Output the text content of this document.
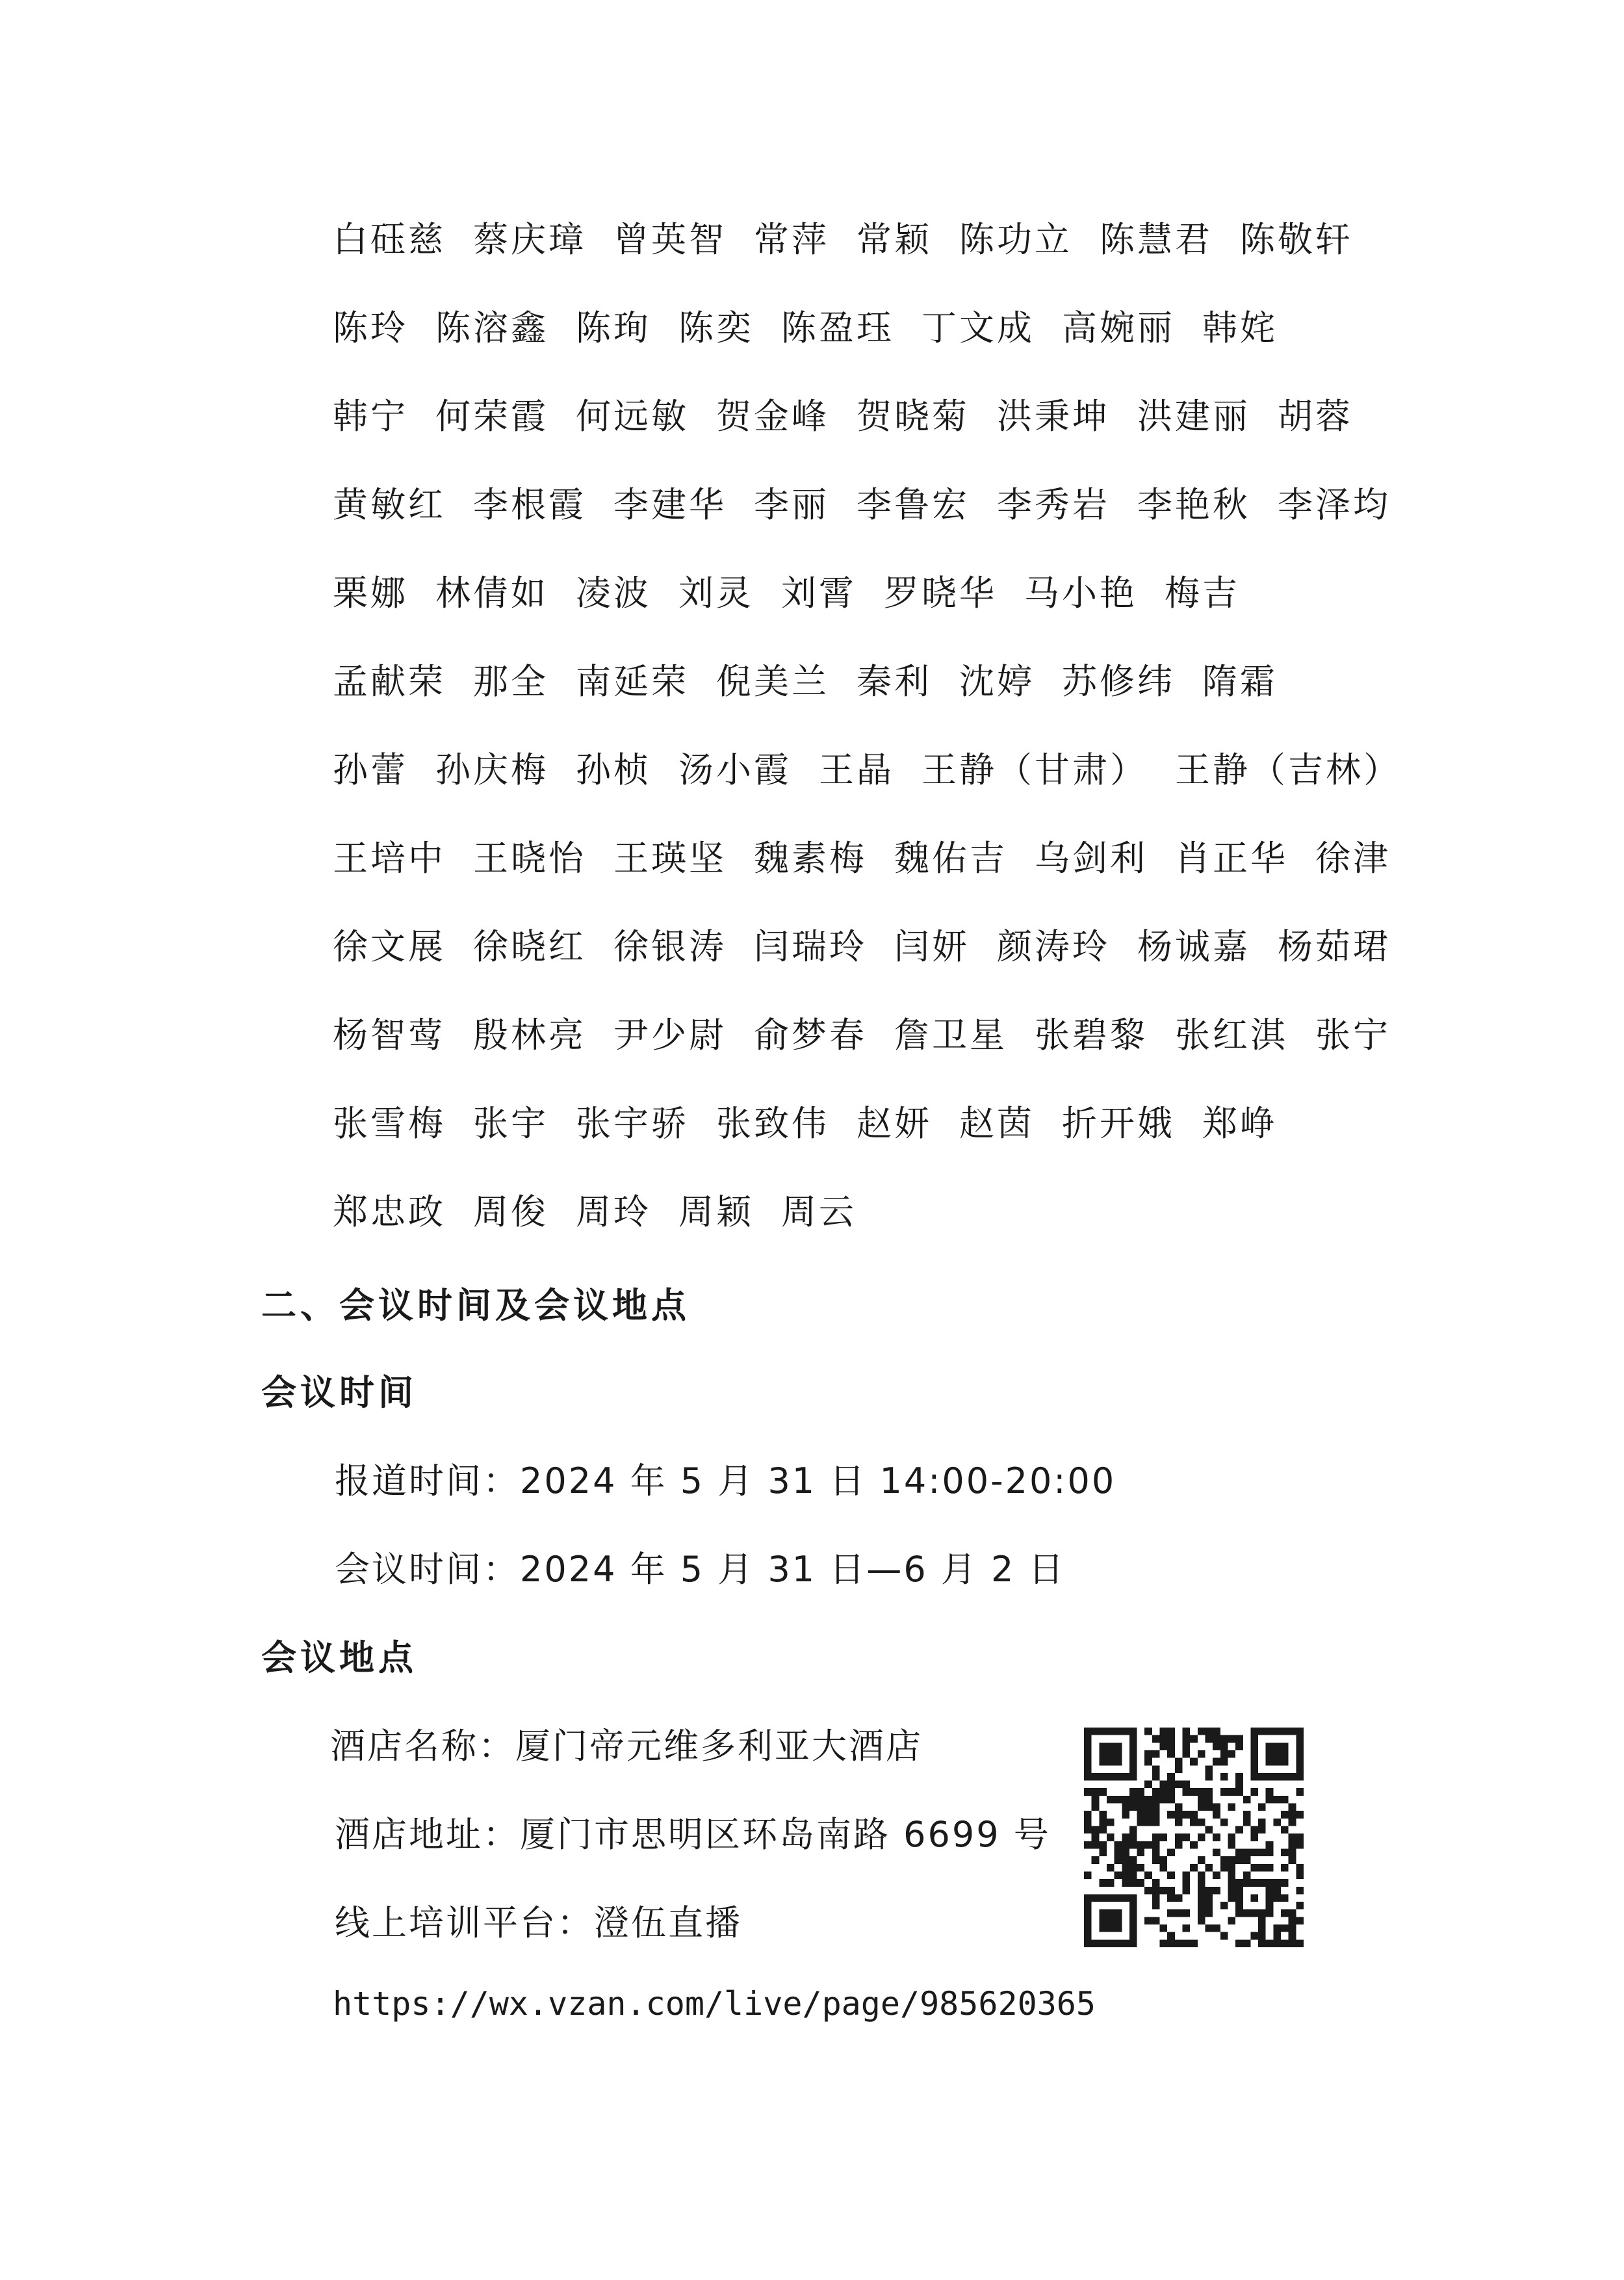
白砡慈 蔡庆璋 曾英智 常萍 常颖 陈功立 陈慧君 陈敬轩
陈玲 陈溶鑫 陈珣 陈奕 陈盈珏 丁文成 高婉丽 韩姹
韩宁 何荣霞 何远敏 贺金峰 贺晓菊 洪秉坤 洪建丽 胡蓉
黄敏红 李根霞 李建华 李丽 李鲁宏 李秀岩 李艳秋 李泽均
栗娜 林倩如 凌波 刘灵 刘霄 罗晓华 马小艳 梅吉
孟献荣 那全 南延荣 倪美兰 秦利 沈婷 苏修纬 隋霜
孙蕾 孙庆梅 孙桢 汤小霞 王晶 王静（甘肃） 王静（吉林）
王培中 王晓怡 王瑛坚 魏素梅 魏佑吉 乌剑利 肖正华 徐津
徐文展 徐晓红 徐银涛 闫瑞玲 闫妍 颜涛玲 杨诚嘉 杨茹珺
杨智莺 殷林亮 尹少尉 俞梦春 詹卫星 张碧黎 张红淇 张宁
张雪梅 张宇 张宇骄 张致伟 赵妍 赵茵 折开娥 郑峥
郑忠政 周俊 周玲 周颖 周云
二、会议时间及会议地点
会议时间
报道时间：2024 年 5 月 31 日 14:00-20:00
会议时间：2024 年 5 月 31 日—6 月 2 日
会议地点
酒店名称：厦门帝元维多利亚大酒店
酒店地址：厦门市思明区环岛南路 6699 号
线上培训平台：澄伍直播
https://wx.vzan.com/live/page/985620365
